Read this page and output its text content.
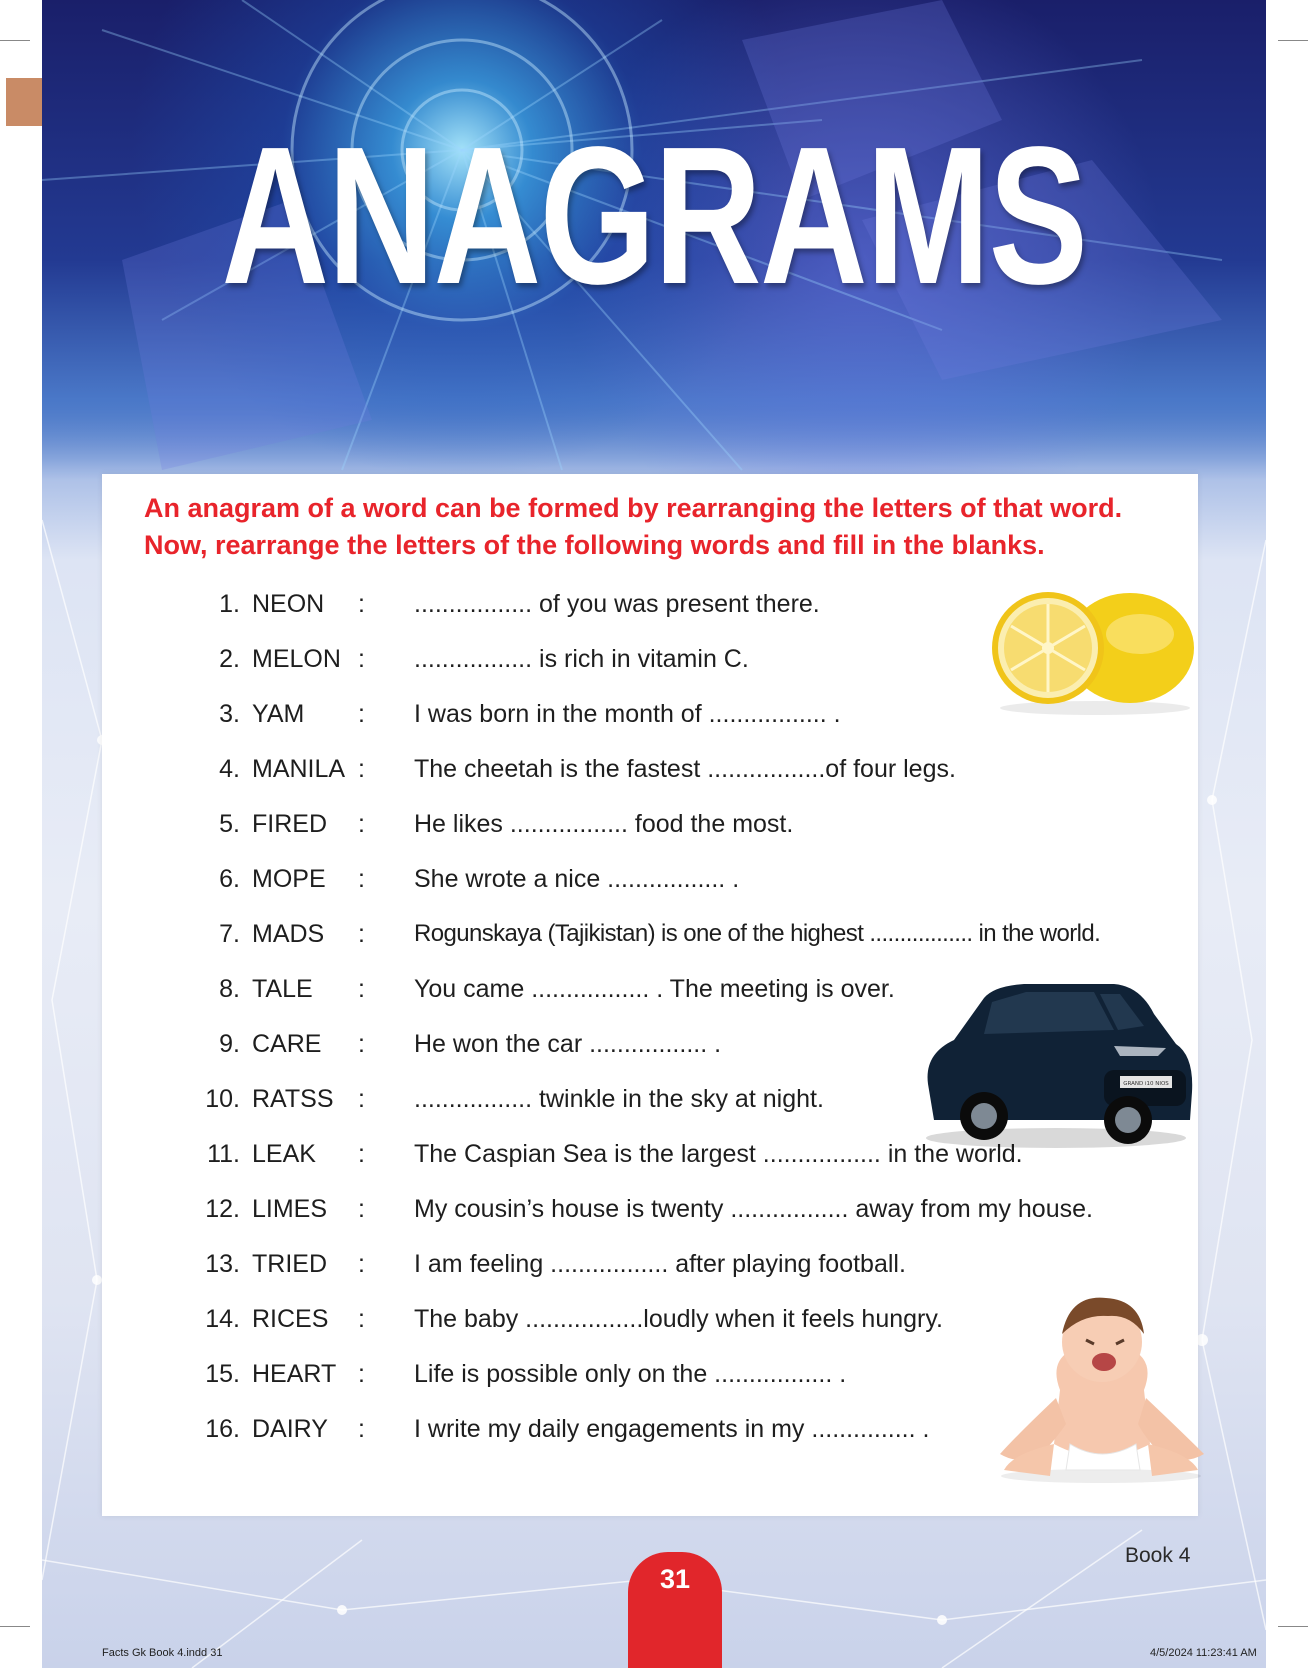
ANAGRAMS

An anagram of a word can be formed by rearranging the letters of that word.

Now, rearrange the letters of the following words and fill in the blanks.

1. NEON : ................. of you was present there.
2. MELON : ................. is rich in vitamin C.
3. YAM : I was born in the month of ................. .
4. MANILA : The cheetah is the fastest .................of four legs.
5. FIRED : He likes ................. food the most.
6. MOPE : She wrote a nice ................. .
7. MADS : Rogunskaya (Tajikistan) is one of the highest ................. in the world.
8. TALE : You came ................. . The meeting is over.
9. CARE : He won the car ................. .
10. RATSS : ................. twinkle in the sky at night.
11. LEAK : The Caspian Sea is the largest ................. in the world.
12. LIMES : My cousin’s house is twenty ................. away from my house.
13. TRIED : I am feeling ................. after playing football.
14. RICES : The baby .................loudly when it feels hungry.
15. HEART : Life is possible only on the ................. .
16. DAIRY : I write my daily engagements in my ............... .
GRAND i10 NIOS
Book 4
31
Facts Gk Book 4.indd 31	4/5/2024 11:23:41 AM
